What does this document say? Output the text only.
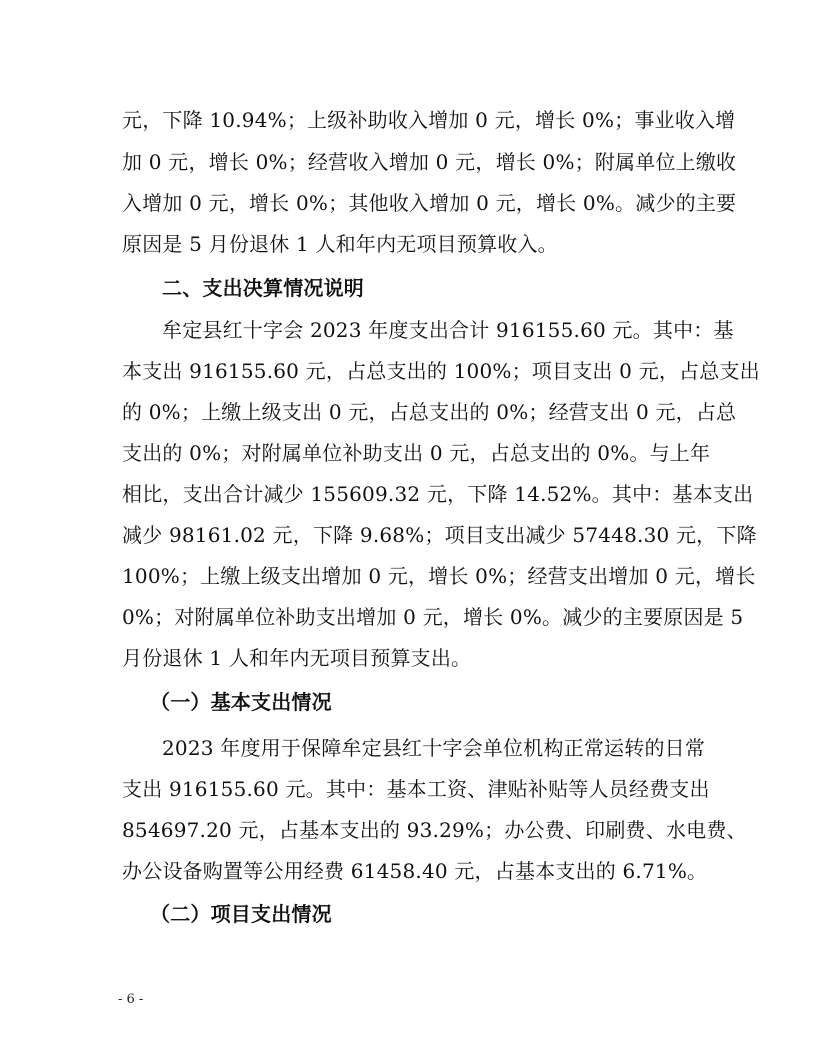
元，下降 10.94%；上级补助收入增加 0 元，增长 0%；事业收入增
加 0 元，增长 0%；经营收入增加 0 元，增长 0%；附属单位上缴收
入增加 0 元，增长 0%；其他收入增加 0 元，增长 0%。减少的主要
原因是 5 月份退休 1 人和年内无项目预算收入。
二、支出决算情况说明
牟定县红十字会 2023 年度支出合计 916155.60 元。其中：基
本支出 916155.60 元，占总支出的 100%；项目支出 0 元，占总支出
的 0%；上缴上级支出 0 元，占总支出的 0%；经营支出 0 元，占总
支出的 0%；对附属单位补助支出 0 元，占总支出的 0%。与上年
相比，支出合计减少 155609.32 元，下降 14.52%。其中：基本支出
减少 98161.02 元，下降 9.68%；项目支出减少 57448.30 元，下降
100%；上缴上级支出增加 0 元，增长 0%；经营支出增加 0 元，增长
0%；对附属单位补助支出增加 0 元，增长 0%。减少的主要原因是 5
月份退休 1 人和年内无项目预算支出。
（一）基本支出情况
2023 年度用于保障牟定县红十字会单位机构正常运转的日常
支出 916155.60 元。其中：基本工资、津贴补贴等人员经费支出
854697.20 元，占基本支出的 93.29%；办公费、印刷费、水电费、
办公设备购置等公用经费 61458.40 元，占基本支出的 6.71%。
（二）项目支出情况
- 6 -
